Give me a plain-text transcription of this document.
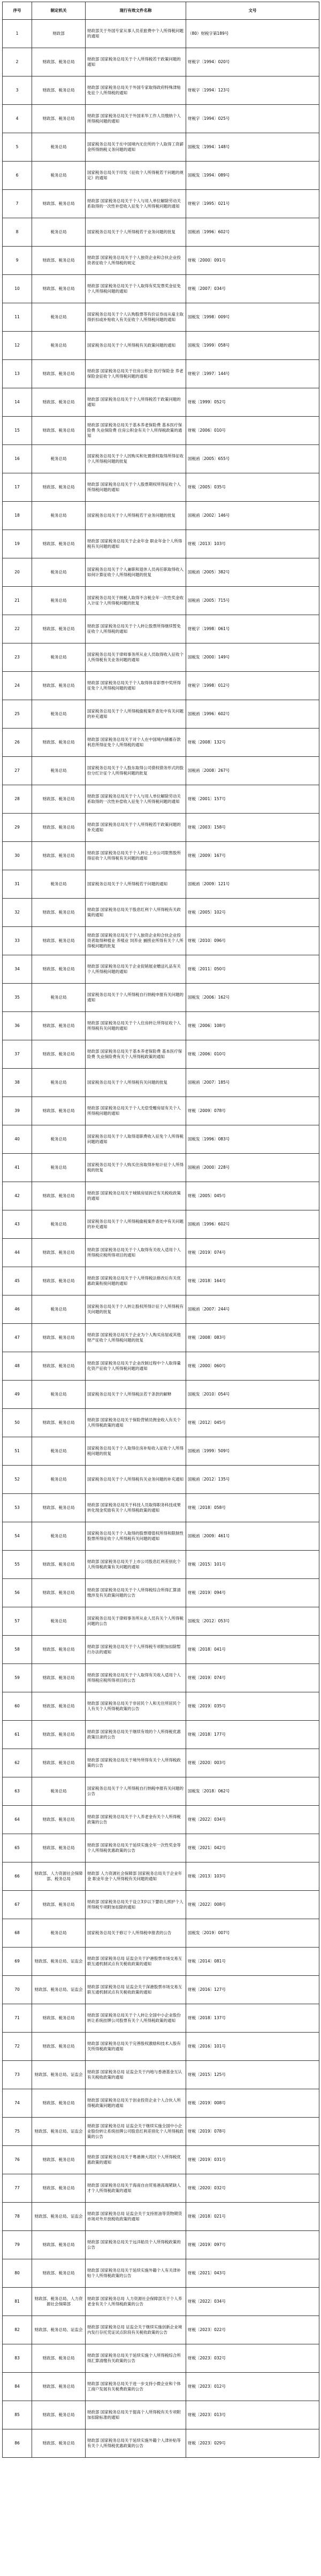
序号	制定机关	现行有效文件名称	文号
1	财政部	财政部关于外国专家从事人员差旅费中个人所得税问题的通知	（80）财税字第189号
2	财政部、税务总局	财政部 国家税务总局关于个人所得税若干政策问题的通知	财税字〔1994〕020号
3	财政部、税务总局	财政部 国家税务总局关于外国专家取得政府特殊津贴免征个人所得税的通知	财税字〔1994〕123号
4	财政部、税务总局	财政部 国家税务总局关于外国来华工作人员缴纳个人所得税问题的通知	财税字〔1994〕025号
5	税务总局	国家税务总局关于在中国境内无住所的个人取得工资薪金所得纳税义务问题的通知	国税发〔1994〕148号
6	税务总局	国家税务总局关于印发《征收个人所得税若干问题的规定》的通知	国税发〔1994〕089号
7	财政部、税务总局	财政部 国家税务总局关于个人与用人单位解除劳动关系取得的一次性补偿收入征免个人所得税问题的通知	财税字〔1995〕021号
8	税务总局	国家税务总局关于个人所得税若干业务问题的批复	国税函〔1996〕602号
9	财政部、税务总局	财政部 国家税务总局关于个人独资企业和合伙企业投资者征收个人所得税的规定	财税〔2000〕091号
10	财政部、税务总局	财政部 国家税务总局关于个人取得有奖发票奖金征免个人所得税问题的通知	财税〔2007〕034号
11	税务总局	国家税务总局关于个人认购股票等有价证券而从雇主取得折扣或补贴收入有关征收个人所得税问题的通知	国税发〔1998〕009号
12	税务总局	国家税务总局关于个人所得税有关政策问题的通知	国税发〔1999〕058号
13	财政部、税务总局	财政部 国家税务总局关于住房公积金 医疗保险金 养老保险金征收个人所得税问题的通知	财税字〔1997〕144号
14	财政部、税务总局	财政部 国家税务总局关于个人所得税若干政策问题的通知	财税〔1999〕052号
15	财政部、税务总局	财政部 国家税务总局关于基本养老保险费 基本医疗保险费 失业保险费 住房公积金有关个人所得税政策的通知	财税〔2006〕010号
16	税务总局	国家税务总局关于个人因购买和处置债权取得所得征收个人所得税问题的批复	国税函〔2005〕655号
17	财政部、税务总局	财政部 国家税务总局关于个人股票期权所得征收个人所得税问题的通知	财税〔2005〕035号
18	税务总局	国家税务总局关于个人所得税若干业务问题的批复	国税函〔2002〕146号
19	财政部、税务总局	财政部 国家税务总局关于企业年金 职业年金个人所得税有关问题的通知	财税〔2013〕103号
20	税务总局	国家税务总局关于个人兼职和退休人员再任职取得收入如何计算征收个人所得税问题的批复	国税函〔2005〕382号
21	税务总局	国家税务总局关于纳税人取得不含税全年一次性奖金收入计征个人所得税问题的批复	国税函〔2005〕715号
22	财政部、税务总局	财政部 国家税务总局关于个人转让股票所得继续暂免征收个人所得税的通知	财税字〔1998〕061号
23	税务总局	国家税务总局关于律师事务所从业人员取得收入征收个人所得税有关业务问题的通知	国税发〔2000〕149号
24	财政部、税务总局	财政部 国家税务总局关于个人取得体育彩票中奖所得征免个人所得税问题的通知	财税字〔1998〕012号
25	税务总局	国家税务总局关于个人所得税偷税案件查处中有关问题的补充通知	国税函〔1996〕602号
26	财政部、税务总局	财政部 国家税务总局关于对个人在中国境内储蓄存款利息所得征免个人所得税的通知	财税〔2008〕132号
27	税务总局	国家税务总局关于个人股东取得公司债权债务形式的股份分红计征个人所得税问题的批复	国税函〔2008〕267号
28	财政部、税务总局	财政部 国家税务总局关于个人与用人单位解除劳动关系取得的一次性补偿收入征免个人所得税问题的通知	财税〔2001〕157号
29	财政部、税务总局	财政部 国家税务总局关于个人所得税若干政策问题的补充通知	财税〔2003〕158号
30	财政部、税务总局	财政部 国家税务总局关于个人转让上市公司限售股所得征收个人所得税有关问题的通知	财税〔2009〕167号
31	税务总局	国家税务总局关于个人所得税若干问题的通知	国税函〔2009〕121号
32	财政部、税务总局	财政部 国家税务总局关于股息红利个人所得税有关政策的通知	财税〔2005〕102号
33	财政部、税务总局	财政部 国家税务总局关于个人独资企业和合伙企业投资者取得种植业 养殖业 饲养业 捕捞业所得有关个人所得税问题的批复	财税〔2010〕096号
34	财政部、税务总局	财政部 国家税务总局关于企业促销展业赠送礼品有关个人所得税问题的通知	财税〔2011〕050号
35	税务总局	国家税务总局关于个人所得税自行纳税申报有关问题的通知	国税发〔2006〕162号
36	财政部、税务总局	财政部 国家税务总局关于个人住房转让所得征收个人所得税有关问题的通知	财税〔2006〕108号
37	财政部、税务总局	财政部 国家税务总局关于基本养老保险费 基本医疗保险费 失业保险费有关个人所得税政策的通知	财税〔2006〕010号
38	税务总局	国家税务总局关于个人所得税有关问题的批复	国税函〔2007〕185号
39	财政部、税务总局	财政部 国家税务总局关于个人无偿受赠房屋有关个人所得税问题的通知	财税〔2009〕078号
40	税务总局	国家税务总局关于个人取得退职费收入征免个人所得税问题的通知	国税发〔1996〕083号
41	税务总局	国家税务总局关于个人购买住房取得补贴计征个人所得税的批复	国税函〔2000〕228号
42	财政部、税务总局	财政部 国家税务总局关于城镇房屋拆迁有关税收政策的通知	财税〔2005〕045号
43	税务总局	国家税务总局关于个人所得税偷税案件查处中有关问题的补充通知	国税函〔1996〕602号
44	财政部、税务总局	财政部 国家税务总局关于个人取得有关收入适用个人所得税应税所得项目的通知	财税〔2019〕074号
45	财政部、税务总局	财政部 国家税务总局关于个人所得税法修改后有关优惠政策衔接问题的通知	财税〔2018〕164号
46	税务总局	国家税务总局关于个人转让股权所得计征个人所得税有关问题的批复	国税函〔2007〕244号
47	财政部、税务总局	财政部 国家税务总局关于企业为个人购买房屋或其他财产征收个人所得税问题的批复	财税〔2008〕083号
48	财政部、税务总局	财政部 国家税务总局关于企业改制过程中个人取得量化资产征收个人所得税问题的通知	财税〔2000〕060号
49	税务总局	国家税务总局关于个人所得税法若干条款的解释	国税发〔2010〕054号
50	财政部、税务总局	财政部 国家税务总局关于保险营销员佣金收入有关个人所得税政策的通知	财税〔2012〕045号
51	税务总局	国家税务总局关于个人取得住房补贴收入征收个人所得税问题的批复	国税函〔1999〕509号
52	税务总局	国家税务总局关于个人所得税有关业务问题的补充通知	国税函〔2012〕135号
53	财政部、税务总局	财政部 国家税务总局关于科技人员取得职务科技成果转化现金奖励有关个人所得税政策的通知	财税〔2018〕058号
54	税务总局	国家税务总局关于个人取得的股票增值权所得和限制性股票所得征收个人所得税有关问题的通知	国税函〔2009〕461号
55	财政部、税务总局	财政部 国家税务总局关于上市公司股息红利差别化个人所得税政策有关问题的通知	财税〔2015〕101号
56	财政部、税务总局	财政部 国家税务总局关于个人所得税综合所得汇算清缴涉及有关政策问题的公告	财税〔2019〕094号
57	税务总局	国家税务总局关于律师事务所从业人员有关个人所得税问题的公告	国税发〔2012〕053号
58	财政部、税务总局	财政部 国家税务总局关于个人所得税专项附加扣除暂行办法的通知	财税〔2018〕041号
59	财政部、税务总局	财政部 国家税务总局关于个人取得有关收入适用个人所得税应税所得项目的公告	财税〔2019〕074号
60	财政部、税务总局	财政部 国家税务总局关于非居民个人和无住所居民个人有关个人所得税政策的公告	财税〔2019〕035号
61	财政部、税务总局	财政部 国家税务总局关于继续有效的个人所得税优惠政策目录的公告	财税〔2018〕177号
62	财政部、税务总局	财政部 国家税务总局关于境外所得有关个人所得税政策的公告	财税〔2020〕003号
63	税务总局	国家税务总局关于个人所得税自行纳税申报有关问题的公告	国税发〔2018〕062号
64	财政部、税务总局	财政部 国家税务总局关于个人养老金有关个人所得税政策的公告	财税〔2022〕034号
65	财政部、税务总局	财政部 国家税务总局关于延续实施全年一次性奖金等个人所得税优惠政策的公告	财税〔2021〕042号
66	财政部、人力资源社会保障部、税务总局	财政部 人力资源社会保障部 国家税务总局关于企业年金 职业年金个人所得税有关问题的通知	财税〔2013〕103号
67	财政部、税务总局	财政部 国家税务总局关于设立3岁以下婴幼儿照护个人所得税专项附加扣除的通知	财税〔2022〕008号
68	税务总局	国家税务总局关于修订个人所得税申报表的公告	国税发〔2019〕007号
69	财政部、税务总局、证监会	财政部 国家税务总局 证监会关于沪港股票市场交易互联互通机制试点有关税收政策的通知	财税〔2014〕081号
70	财政部、税务总局、证监会	财政部 国家税务总局 证监会关于深港股票市场交易互联互通机制试点有关税收政策的通知	财税〔2016〕127号
71	财政部、税务总局	财政部 国家税务总局关于个人转让全国中小企业股份转让系统挂牌公司股票有关个人所得税政策的通知	财税〔2018〕137号
72	财政部、税务总局	财政部 国家税务总局关于完善股权激励和技术入股有关所得税政策的通知	财税〔2016〕101号
73	财政部、税务总局、证监会	财政部 国家税务总局 证监会关于内地与香港基金互认有关税收政策的通知	财税〔2015〕125号
74	财政部、税务总局	财政部 国家税务总局关于创业投资企业个人合伙人所得税政策问题的通知	财税〔2019〕008号
75	财政部、税务总局、证监会	财政部 国家税务总局 证监会关于继续实施全国中小企业股份转让系统挂牌公司股息红利差别化个人所得税政策的公告	财税〔2019〕078号
76	财政部、税务总局	财政部 国家税务总局关于粤港澳大湾区个人所得税优惠政策的通知	财税〔2019〕031号
77	财政部、税务总局	财政部 国家税务总局关于海南自由贸易港高端紧缺人才个人所得税政策的通知	财税〔2020〕032号
78	财政部、税务总局、证监会	财政部 国家税务总局 证监会关于支持原油等货物期货市场对外开放税收政策的通知	财税〔2018〕021号
79	财政部、税务总局	财政部 国家税务总局关于远洋船员个人所得税政策的公告	财税〔2019〕097号
80	财政部、税务总局	财政部 国家税务总局关于延续实施外籍个人有关津补贴个人所得税政策的公告	财税〔2021〕043号
81	财政部、税务总局、人力资源社会保障部	财政部 国家税务总局 人力资源社会保障部关于个人养老金有关个人所得税政策的公告	财税〔2022〕034号
82	财政部、税务总局、证监会	财政部 国家税务总局 证监会关于继续实施创新企业境内发行存托凭证试点阶段有关税收政策的公告	财税〔2023〕022号
83	财政部、税务总局	财政部 国家税务总局关于延续实施个人所得税综合所得汇算清缴有关政策的公告	财税〔2023〕032号
84	财政部、税务总局	财政部 国家税务总局关于进一步支持小微企业和个体工商户发展有关税费政策的公告	财税〔2023〕012号
85	财政部、税务总局	财政部 国家税务总局关于提高个人所得税有关专项附加扣除标准的通知	财税〔2023〕013号
86	财政部、税务总局	财政部 国家税务总局关于延续实施外籍个人津补贴等有关个人所得税优惠政策的公告	财税〔2023〕029号
